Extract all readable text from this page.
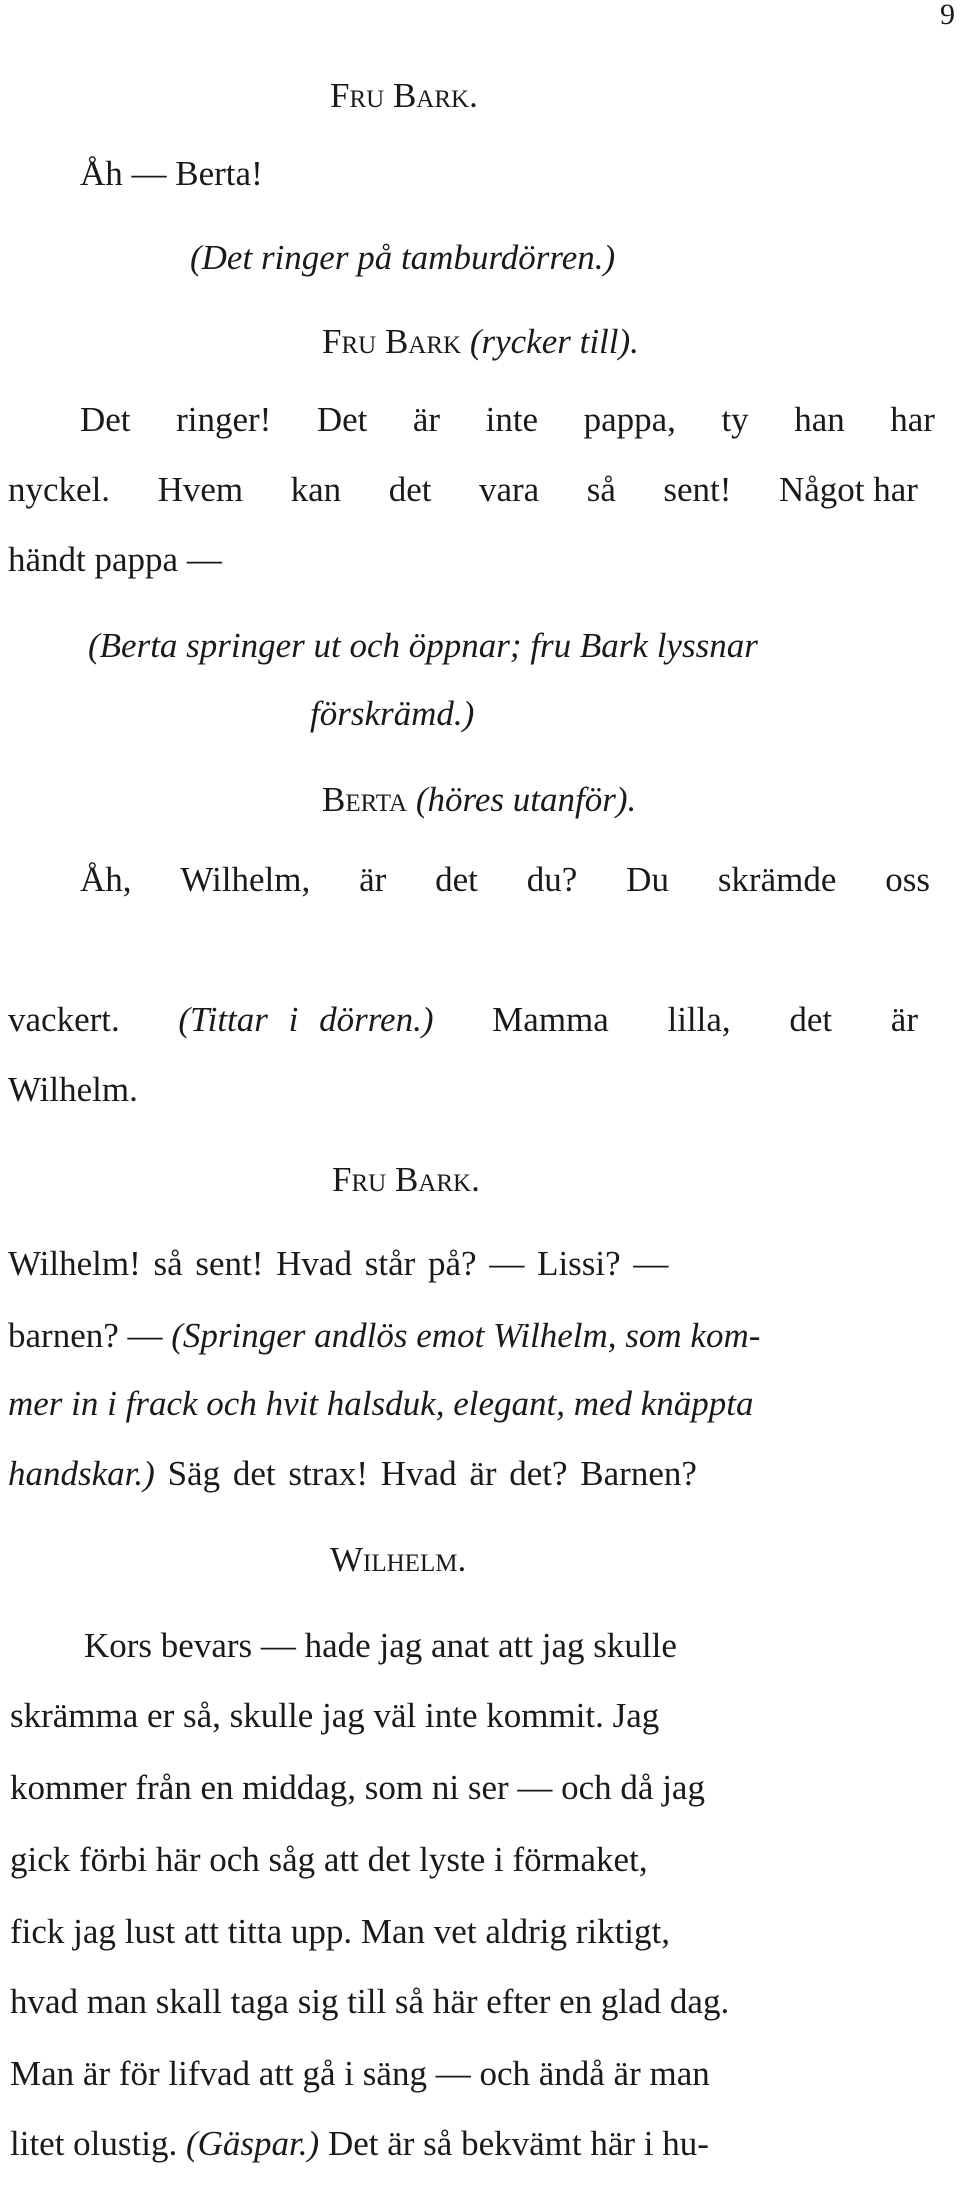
9
Fru Bark.
Åh — Berta!
(Det ringer på tamburdörren.)
Fru Bark (rycker till).
Det ringer! Det är inte pappa, ty han har
nyckel. Hvem kan det vara så sent! Något har
händt pappa —
(Berta springer ut och öppnar; fru Bark lyssnar
förskrämd.)
Berta (höres utanför).
Åh, Wilhelm, är det du? Du skrämde oss
vackert. (Tittar i dörren.) Mamma lilla, det är
Wilhelm.
Fru Bark.
Wilhelm! så sent! Hvad står på? — Lissi? —
barnen? — (Springer andlös emot Wilhelm, som kom-
mer in i frack och hvit halsduk, elegant, med knäppta
handskar.) Säg det strax! Hvad är det? Barnen?
Wilhelm.
Kors bevars — hade jag anat att jag skulle
skrämma er så, skulle jag väl inte kommit. Jag
kommer från en middag, som ni ser — och då jag
gick förbi här och såg att det lyste i förmaket,
fick jag lust att titta upp. Man vet aldrig riktigt,
hvad man skall taga sig till så här efter en glad dag.
Man är för lifvad att gå i säng — och ändå är man
litet olustig. (Gäspar.) Det är så bekvämt här i hu-
